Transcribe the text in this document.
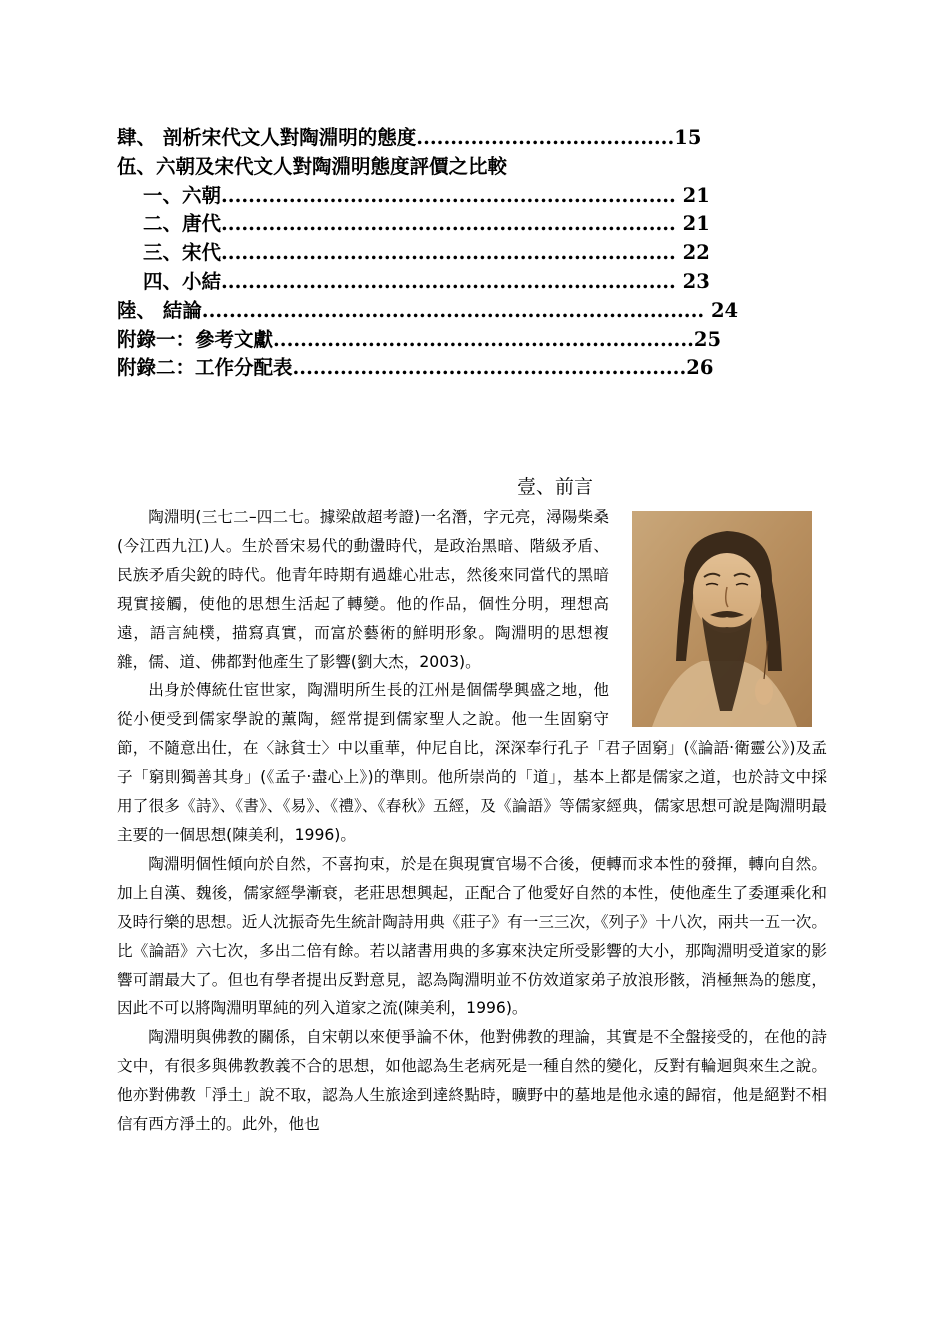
肆、 剖析宋代文人對陶淵明的態度......................................15
伍、六朝及宋代文人對陶淵明態度評價之比較
一、六朝................................................................... 21
二、唐代................................................................... 21
三、宋代................................................................... 22
四、小結................................................................... 23
陸、 結論.......................................................................... 24
附錄一：參考文獻..............................................................25
附錄二：工作分配表..........................................................26
壹、前言

陶淵明(三七二–四二七。據梁啟超考證)一名潛，字元亮，潯陽柴桑(今江西九江)人。生於晉宋易代的動盪時代，是政治黑暗、階級矛盾、民族矛盾尖銳的時代。他青年時期有過雄心壯志，然後來同當代的黑暗現實接觸，使他的思想生活起了轉變。他的作品，個性分明，理想高遠，語言純樸，描寫真實，而富於藝術的鮮明形象。陶淵明的思想複雜，儒、道、佛都對他產生了影響(劉大杰，2003)。

出身於傳統仕宦世家，陶淵明所生長的江州是個儒學興盛之地，他從小便受到儒家學說的薰陶，經常提到儒家聖人之說。他一生固窮守節，不隨意出仕，在〈詠貧士〉中以重華，仲尼自比，深深奉行孔子「君子固窮」(《論語‧衛靈公》)及孟子「窮則獨善其身」(《孟子‧盡心上》)的準則。他所崇尚的「道」，基本上都是儒家之道，也於詩文中採用了很多《詩》、《書》、《易》、《禮》、《春秋》五經，及《論語》等儒家經典，儒家思想可說是陶淵明最主要的一個思想(陳美利，1996)。

陶淵明個性傾向於自然，不喜拘束，於是在與現實官場不合後，便轉而求本性的發揮，轉向自然。加上自漢、魏後，儒家經學漸衰，老莊思想興起，正配合了他愛好自然的本性，使他產生了委運乘化和及時行樂的思想。近人沈振奇先生統計陶詩用典《莊子》有一三三次，《列子》十八次，兩共一五一次。比《論語》六七次，多出二倍有餘。若以諸書用典的多寡來決定所受影響的大小，那陶淵明受道家的影響可謂最大了。但也有學者提出反對意見，認為陶淵明並不仿效道家弟子放浪形骸，消極無為的態度，因此不可以將陶淵明單純的列入道家之流(陳美利，1996)。

陶淵明與佛教的關係，自宋朝以來便爭論不休，他對佛教的理論，其實是不全盤接受的，在他的詩文中，有很多與佛教教義不合的思想，如他認為生老病死是一種自然的變化，反對有輪迴與來生之說。他亦對佛教「淨土」說不取，認為人生旅途到達終點時，曠野中的墓地是他永遠的歸宿，他是絕對不相信有西方淨土的。此外，他也
